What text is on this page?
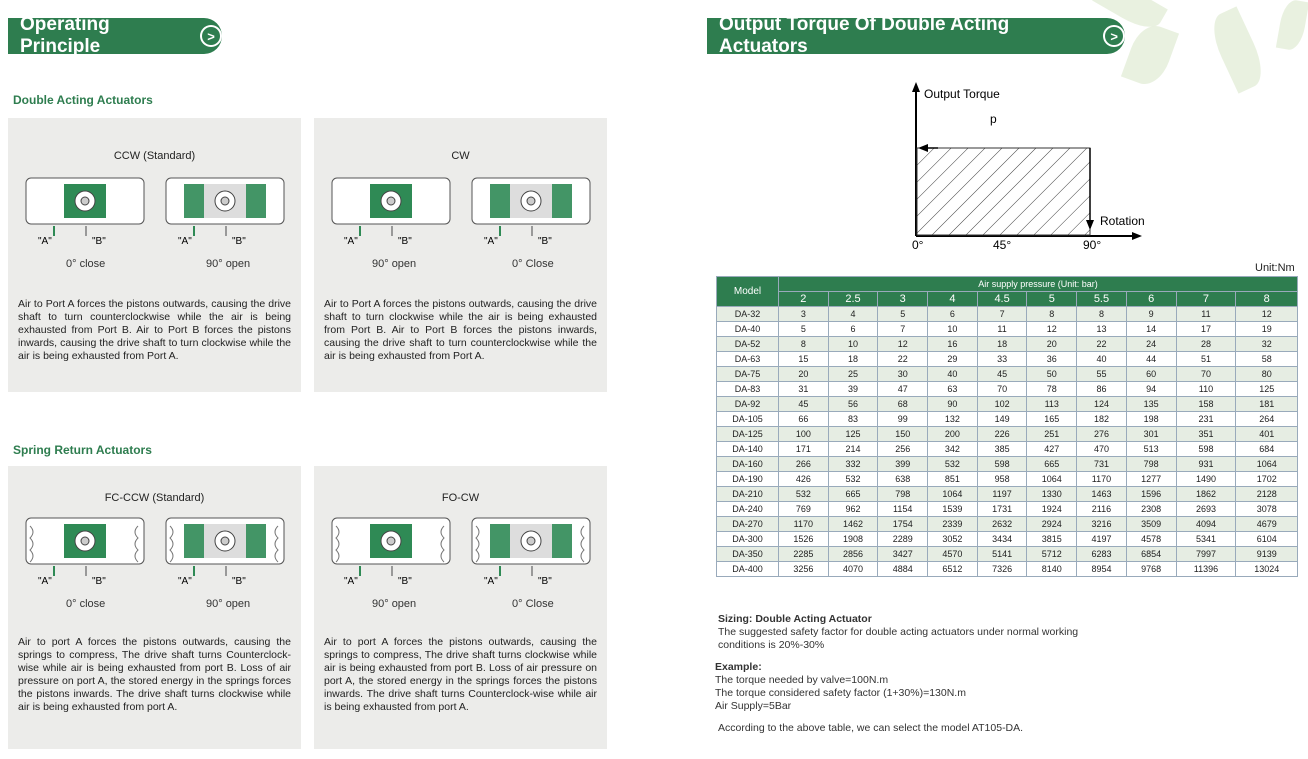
Operating Principle	>
Double Acting Actuators
Spring Return Actuators
CCW (Standard)
"A"	"B"
0° close
"A"	"B"
90° open
Air to Port A forces the pistons outwards, causing the drive shaft to turn counterclockwise while the air is being exhausted from Port B. Air to Port B forces the pistons inwards, causing the drive shaft to turn clockwise while the air is being exhausted from Port A.
CW
"A"	"B"
90° open
"A"	"B"
0° Close
Air to Port A forces the pistons outwards, causing the drive shaft to turn clockwise while the air is being exhausted from Port B. Air to Port B forces the pistons inwards, causing the drive shaft to turn counterclockwise while the air is being exhausted from Port A.
FC-CCW (Standard)
"A"	"B"
0° close
"A"	"B"
90° open
Air to port A forces the pistons outwards, causing the springs to compress, The drive shaft turns Counterclock-wise while air is being exhausted from port B. Loss of air pressure on port A, the stored energy in the springs forces the pistons inwards. The drive shaft turns clockwise while air is being exhausted from port A.
FO-CW
"A"	"B"
90° open
"A"	"B"
0° Close
Air to port A forces the pistons outwards, causing the springs to compress, The drive shaft turns clockwise while air is being exhausted from port B. Loss of air pressure on port A, the stored energy in the springs forces the pistons inwards. The drive shaft turns Counterclock-wise while air is being exhausted from port A.
Output Torque Of Double Acting Actuators	>
Output Torque
p
Rotation
0°	45°	90°
Unit:Nm
Model	Air supply pressure (Unit: bar)									
	2	2.5	3	4	4.5	5	5.5	6	7	8
DA-32	3	4	5	6	7	8	8	9	11	12
DA-40	5	6	7	10	11	12	13	14	17	19
DA-52	8	10	12	16	18	20	22	24	28	32
DA-63	15	18	22	29	33	36	40	44	51	58
DA-75	20	25	30	40	45	50	55	60	70	80
DA-83	31	39	47	63	70	78	86	94	110	125
DA-92	45	56	68	90	102	113	124	135	158	181
DA-105	66	83	99	132	149	165	182	198	231	264
DA-125	100	125	150	200	226	251	276	301	351	401
DA-140	171	214	256	342	385	427	470	513	598	684
DA-160	266	332	399	532	598	665	731	798	931	1064
DA-190	426	532	638	851	958	1064	1170	1277	1490	1702
DA-210	532	665	798	1064	1197	1330	1463	1596	1862	2128
DA-240	769	962	1154	1539	1731	1924	2116	2308	2693	3078
DA-270	1170	1462	1754	2339	2632	2924	3216	3509	4094	4679
DA-300	1526	1908	2289	3052	3434	3815	4197	4578	5341	6104
DA-350	2285	2856	3427	4570	5141	5712	6283	6854	7997	9139
DA-400	3256	4070	4884	6512	7326	8140	8954	9768	11396	13024
Sizing: Double Acting Actuator
The suggested safety factor for double acting actuators under normal working
conditions is 20%-30%
Example:
The torque needed by valve=100N.m
The torque considered safety factor (1+30%)=130N.m
Air Supply=5Bar
According to the above table, we can select the model AT105-DA.
